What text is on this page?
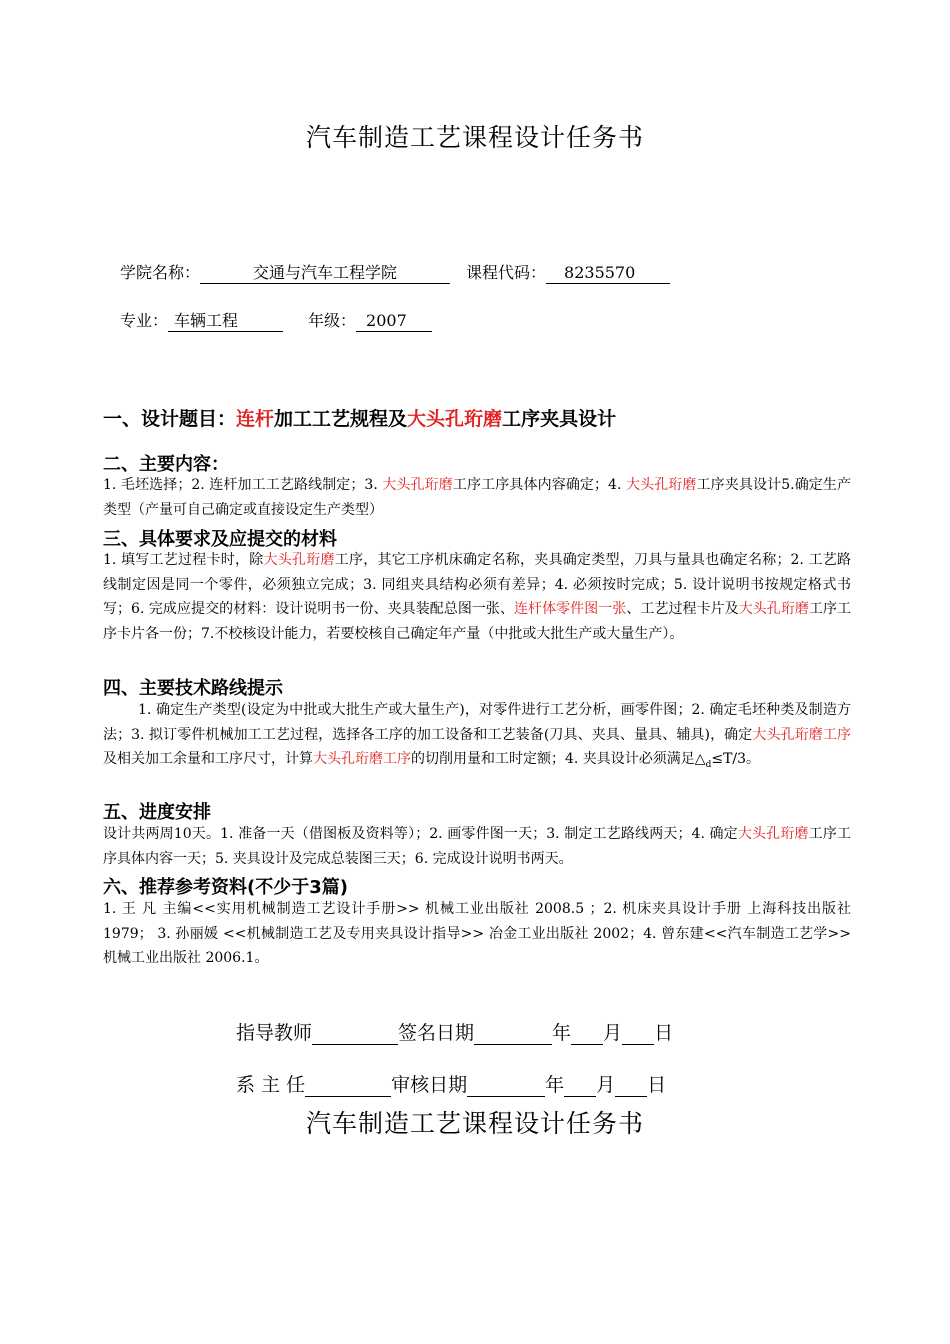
汽车制造工艺课程设计任务书
学院名称：	交通与汽车工程学院	课程代码： 8235570
专业： 车辆工程	年级： 2007
一、设计题目：连杆加工工艺规程及大头孔珩磨工序夹具设计
二、主要内容：
1. 毛坯选择；2. 连杆加工工艺路线制定；3. 大头孔珩磨工序工序具体内容确定；4. 大头孔珩磨工序夹具设计5.确定生产类型（产量可自己确定或直接设定生产类型）
三、具体要求及应提交的材料
1. 填写工艺过程卡时，除大头孔珩磨工序，其它工序机床确定名称，夹具确定类型，刀具与量具也确定名称；2. 工艺路线制定因是同一个零件，必须独立完成；3. 同组夹具结构必须有差异；4. 必须按时完成；5. 设计说明书按规定格式书写；6. 完成应提交的材料：设计说明书一份、夹具装配总图一张、连杆体零件图一张、工艺过程卡片及大头孔珩磨工序工序卡片各一份；7.不校核设计能力，若要校核自己确定年产量（中批或大批生产或大量生产）。
四、主要技术路线提示
1. 确定生产类型(设定为中批或大批生产或大量生产)，对零件进行工艺分析，画零件图；2. 确定毛坯种类及制造方法；3. 拟订零件机械加工工艺过程，选择各工序的加工设备和工艺装备(刀具、夹具、量具、辅具)，确定大头孔珩磨工序及相关加工余量和工序尺寸，计算大头孔珩磨工序的切削用量和工时定额；4. 夹具设计必须满足$\triangle_d\le T/3$。
五、进度安排
设计共两周10天。1. 准备一天（借图板及资料等）；2. 画零件图一天；3. 制定工艺路线两天；4. 确定大头孔珩磨工序工序具体内容一天；5. 夹具设计及完成总装图三天；6. 完成设计说明书两天。
六、推荐参考资料(不少于3篇)
1. 王 凡 主编<<实用机械制造工艺设计手册>> 机械工业出版社 2008.5 ；2. 机床夹具设计手册 上海科技出版社 1979； 3. 孙丽媛 <<机械制造工艺及专用夹具设计指导>> 冶金工业出版社 2002；4. 曾东建<<汽车制造工艺学>> 机械工业出版社 2006.1。
指导教师	签名日期	年 月 日
系 主 任	审核日期	年 月 日
汽车制造工艺课程设计任务书
